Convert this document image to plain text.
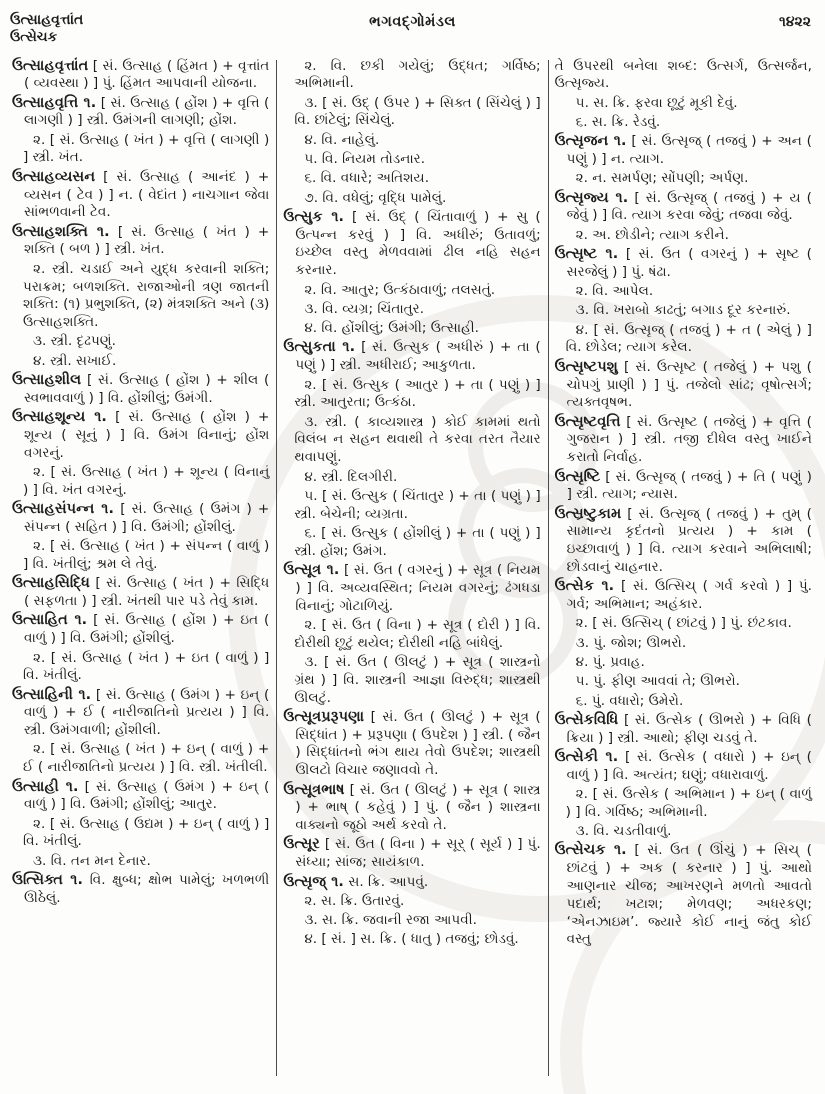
ઉત્સાહવૃત્તાંત
ઉત્સેચક
ભગવદ્ગોમંડલ	૧૪૨૨

ઉત્સાહવૃત્તાંત [ સં. ઉત્સાહ ( હિંમત ) + વૃત્તાંત ( વ્યવસ્થા ) ] પું. હિંમત આપવાની યોજના.

ઉત્સાહવૃત્તિ ૧. [ સં. ઉત્સાહ ( હોંશ ) + વૃત્તિ ( લાગણી ) ] સ્ત્રી. ઉમંગની લાગણી; હોંશ.

૨. [ સં. ઉત્સાહ ( ખંત ) + વૃત્તિ ( લાગણી ) ] સ્ત્રી. ખંત.

ઉત્સાહવ્યસન [ સં. ઉત્સાહ ( આનંદ ) + વ્યસન ( ટેવ ) ] ન. ( વેદાંત ) નાચગાન જેવા સાંભળવાની ટેવ.

ઉત્સાહશક્તિ ૧. [ સં. ઉત્સાહ ( ખંત ) + શક્તિ ( બળ ) ] સ્ત્રી. ખંત.

૨. સ્ત્રી. ચડાઈ અને યુદ્ધ કરવાની શક્તિ; પરાક્રમ; બળશક્તિ. રાજાઓની ત્રણ જાતની શક્તિ: (૧) પ્રભુશક્તિ, (૨) મંત્રશક્તિ અને (૩) ઉત્સાહશક્તિ.

૩. સ્ત્રી. દૃઢપણું.

૪. સ્ત્રી. સખાઈ.

ઉત્સાહશીલ [ સં. ઉત્સાહ ( હોંશ ) + શીલ ( સ્વભાવવાળું ) ] વિ. હોંશીલું; ઉમંગી.

ઉત્સાહશૂન્ય ૧. [ સં. ઉત્સાહ ( હોંશ ) + શૂન્ય ( સૂનું ) ] વિ. ઉમંગ વિનાનું; હોંશ વગરનું.

૨. [ સં. ઉત્સાહ ( ખંત ) + શૂન્ય ( વિનાનું ) ] વિ. ખંત વગરનું.

ઉત્સાહસંપન્ન ૧. [ સં. ઉત્સાહ ( ઉમંગ ) + સંપન્ન ( સહિત ) ] વિ. ઉમંગી; હોંશીલું.

૨. [ સં. ઉત્સાહ ( ખંત ) + સંપન્ન ( વાળું ) ] વિ. ખંતીલું; શ્રમ લે તેવું.

ઉત્સાહસિદ્ધિ [ સં. ઉત્સાહ ( ખંત ) + સિદ્ધિ ( સફળતા ) ] સ્ત્રી. ખંતથી પાર પડે તેવું કામ.

ઉત્સાહિત ૧. [ સં. ઉત્સાહ ( હોંશ ) + ઇત ( વાળું ) ] વિ. ઉમંગી; હોંશીલું.

૨. [ સં. ઉત્સાહ ( ખંત ) + ઇત ( વાળું ) ] વિ. ખંતીલું.

ઉત્સાહિની ૧. [ સં. ઉત્સાહ ( ઉમંગ ) + ઇન્ ( વાળું ) + ઈ ( નારીજાતિનો પ્રત્યય ) ] વિ. સ્ત્રી. ઉમંગવાળી; હોંશીલી.

૨. [ સં. ઉત્સાહ ( ખંત ) + ઇન્ ( વાળું ) + ઈ ( નારીજાતિનો પ્રત્યય ) ] વિ. સ્ત્રી. ખંતીલી.

ઉત્સાહી ૧. [ સં. ઉત્સાહ ( ઉમંગ ) + ઇન્ ( વાળું ) ] વિ. ઉમંગી; હોંશીલું; આતુર.

૨. [ સં. ઉત્સાહ ( ઉદ્યમ ) + ઇન્ ( વાળું ) ] વિ. ખંતીલું.

૩. વિ. તન મન દેનાર.

ઉત્સિક્ત ૧. વિ. ક્ષુબ્ધ; ક્ષોભ પામેલું; ખળભળી ઊઠેલું.

૨. વિ. છકી ગયેલું; ઉદ્ધત; ગર્વિષ્ઠ; અભિમાની.

૩. [ સં. ઉદ્ ( ઉપર ) + સિક્ત ( સિંચેલું ) ] વિ. છાંટેલું; સિંચેલું.

૪. વિ. નાહેલું.

૫. વિ. નિયમ તોડનાર.

૬. વિ. વધારે; અતિશય.

૭. વિ. વધેલું; વૃદ્ધિ પામેલું.

ઉત્સુક ૧. [ સં. ઉદ્ ( ચિંતાવાળું ) + સુ ( ઉત્પન્ન કરવું ) ] વિ. અધીરું; ઉતાવળું; ઇચ્છેલ વસ્તુ મેળવવામાં ઢીલ નહિ સહન કરનાર.

૨. વિ. આતુર; ઉત્કંઠાવાળું; તલસતું.

૩. વિ. વ્યગ્ર; ચિંતાતુર.

૪. વિ. હોંશીલું; ઉમંગી; ઉત્સાહી.

ઉત્સુકતા ૧. [ સં. ઉત્સુક ( અધીરું ) + તા ( પણું ) ] સ્ત્રી. અધીરાઈ; આકુળતા.

૨. [ સં. ઉત્સુક ( આતુર ) + તા ( પણું ) ] સ્ત્રી. આતુરતા; ઉત્કંઠા.

૩. સ્ત્રી. ( કાવ્યશાસ્ત્ર ) કોઈ કામમાં થતો વિલંબ ન સહન થવાથી તે કરવા તરત તૈયાર થવાપણું.

૪. સ્ત્રી. દિલગીરી.

૫. [ સં. ઉત્સુક ( ચિંતાતુર ) + તા ( પણું ) ] સ્ત્રી. બેચેની; વ્યગ્રતા.

૬. [ સં. ઉત્સુક ( હોંશીલું ) + તા ( પણું ) ] સ્ત્રી. હોંશ; ઉમંગ.

ઉત્સૂત્ર ૧. [ સં. ઉત ( વગરનું ) + સૂત્ર ( નિયમ ) ] વિ. અવ્યવસ્થિત; નિયમ વગરનું; ઢંગધડા વિનાનું; ગોટાળિયું.

૨. [ સં. ઉત ( વિના ) + સૂત્ર ( દોરી ) ] વિ. દોરીથી છૂટું થયેલ; દોરીથી નહિ બાંધેલું.

૩. [ સં. ઉત ( ઊલટું ) + સૂત્ર ( શાસ્ત્રનો ગ્રંથ ) ] વિ. શાસ્ત્રની આજ્ઞા વિરુદ્ધ; શાસ્ત્રથી ઊલટું.

ઉત્સૂત્રપ્રરૂપણા [ સં. ઉત ( ઊલટું ) + સૂત્ર ( સિદ્ધાંત ) + પ્રરૂપણા ( ઉપદેશ ) ] સ્ત્રી. ( જૈન ) સિદ્ધાંતનો ભંગ થાય તેવો ઉપદેશ; શાસ્ત્રથી ઊલટો વિચાર જણાવવો તે.

ઉત્સૂત્રભાષ [ સં. ઉત ( ઊલટું ) + સૂત્ર ( શાસ્ત્ર ) + ભાષ્ ( કહેવું ) ] પું. ( જૈન ) શાસ્ત્રના વાક્યનો જૂઠો અર્થ કરવો તે.

ઉત્સૂર [ સં. ઉત ( વિના ) + સૂર્ ( સૂર્ય ) ] પું. સંધ્યા; સાંજ; સાયંકાળ.

ઉત્સૃજ્ ૧. સ. ક્રિ. આપવું.

૨. સ. ક્રિ. ઉતારવું.

૩. સ. ક્રિ. જવાની રજા આપવી.

૪. [ સં. ] સ. ક્રિ. ( ધાતુ ) તજવું; છોડવું.

તે ઉપરથી બનેલા શબ્દ: ઉત્સર્ગ, ઉત્સર્જન, ઉત્સૃજ્ય.

૫. સ. ક્રિ. ફરવા છૂટું મૂકી દેવું.

૬. સ. ક્રિ. રેડવું.

ઉત્સૃજન ૧. [ સં. ઉત્સૃજ્ ( તજવું ) + અન ( પણું ) ] ન. ત્યાગ.

૨. ન. સમર્પણ; સોંપણી; અર્પણ.

ઉત્સૃજ્ય ૧. [ સં. ઉત્સૃજ્ ( તજવું ) + ય ( જેવું ) ] વિ. ત્યાગ કરવા જેવું; તજવા જેવું.

૨. અ. છોડીને; ત્યાગ કરીને.

ઉત્સૃષ્ટ ૧. [ સં. ઉત ( વગરનું ) + સૃષ્ટ ( સરજેલું ) ] પું. ષંઢા.

૨. વિ. આપેલ.

૩. વિ. ખરાબો કાઢતું; બગાડ દૂર કરનારું.

૪. [ સં. ઉત્સૃજ્ ( તજવું ) + ત ( એલું ) ] વિ. છોડેલ; ત્યાગ કરેલ.

ઉત્સૃષ્ટપશુ [ સં. ઉત્સૃષ્ટ ( તજેલું ) + પશુ ( ચોપગું પ્રાણી ) ] પું. તજેલો સાંઢ; વૃષોત્સર્ગ; ત્યક્તવૃષભ.

ઉત્સૃષ્ટવૃત્તિ [ સં. ઉત્સૃષ્ટ ( તજેલું ) + વૃત્તિ ( ગુજરાન ) ] સ્ત્રી. તજી દીધેલ વસ્તુ ખાઈને કરાતો નિર્વાહ.

ઉત્સૃષ્ટિ [ સં. ઉત્સૃજ્ ( તજવું ) + તિ ( પણું ) ] સ્ત્રી. ત્યાગ; ન્યાસ.

ઉત્સ્રષ્ટુકામ [ સં. ઉત્સૃજ્ ( તજવું ) + તુમ્ ( સામાન્ય કૃદંતનો પ્રત્યય ) + કામ ( ઇચ્છાવાળું ) ] વિ. ત્યાગ કરવાને અભિલાષી; છોડવાનું ચાહનાર.

ઉત્સેક ૧. [ સં. ઉત્સિચ્ ( ગર્વ કરવો ) ] પું. ગર્વ; અભિમાન; અહંકાર.

૨. [ સં. ઉત્સિચ્ ( છાંટવું ) ] પું. છંટકાવ.

૩. પું. જોશ; ઊભરો.

૪. પું. પ્રવાહ.

૫. પું. ફીણ આવવાં તે; ઊભરો.

૬. પું. વધારો; ઉમેરો.

ઉત્સેકવિધિ [ સં. ઉત્સેક ( ઊભરો ) + વિધિ ( ક્રિયા ) ] સ્ત્રી. આથો; ફીણ ચડવું તે.

ઉત્સેકી ૧. [ સં. ઉત્સેક ( વધારો ) + ઇન્ ( વાળું ) ] વિ. અત્યંત; ઘણું; વધારાવાળું.

૨. [ સં. ઉત્સેક ( અભિમાન ) + ઇન્ ( વાળું ) ] વિ. ગર્વિષ્ઠ; અભિમાની.

૩. વિ. ચડતીવાળું.

ઉત્સેચક ૧. [ સં. ઉત ( ઊંચું ) + સિચ્ ( છાંટવું ) + અક ( કરનાર ) ] પું. આથો આણનાર ચીજ; આખરણને મળતો આવતો પદાર્થ; ખટાશ; મેળવણ; અધરકણ; ‘એનઝાઇમ’. જ્યારે કોઈ નાનું જંતુ કોઈ વસ્તુ
